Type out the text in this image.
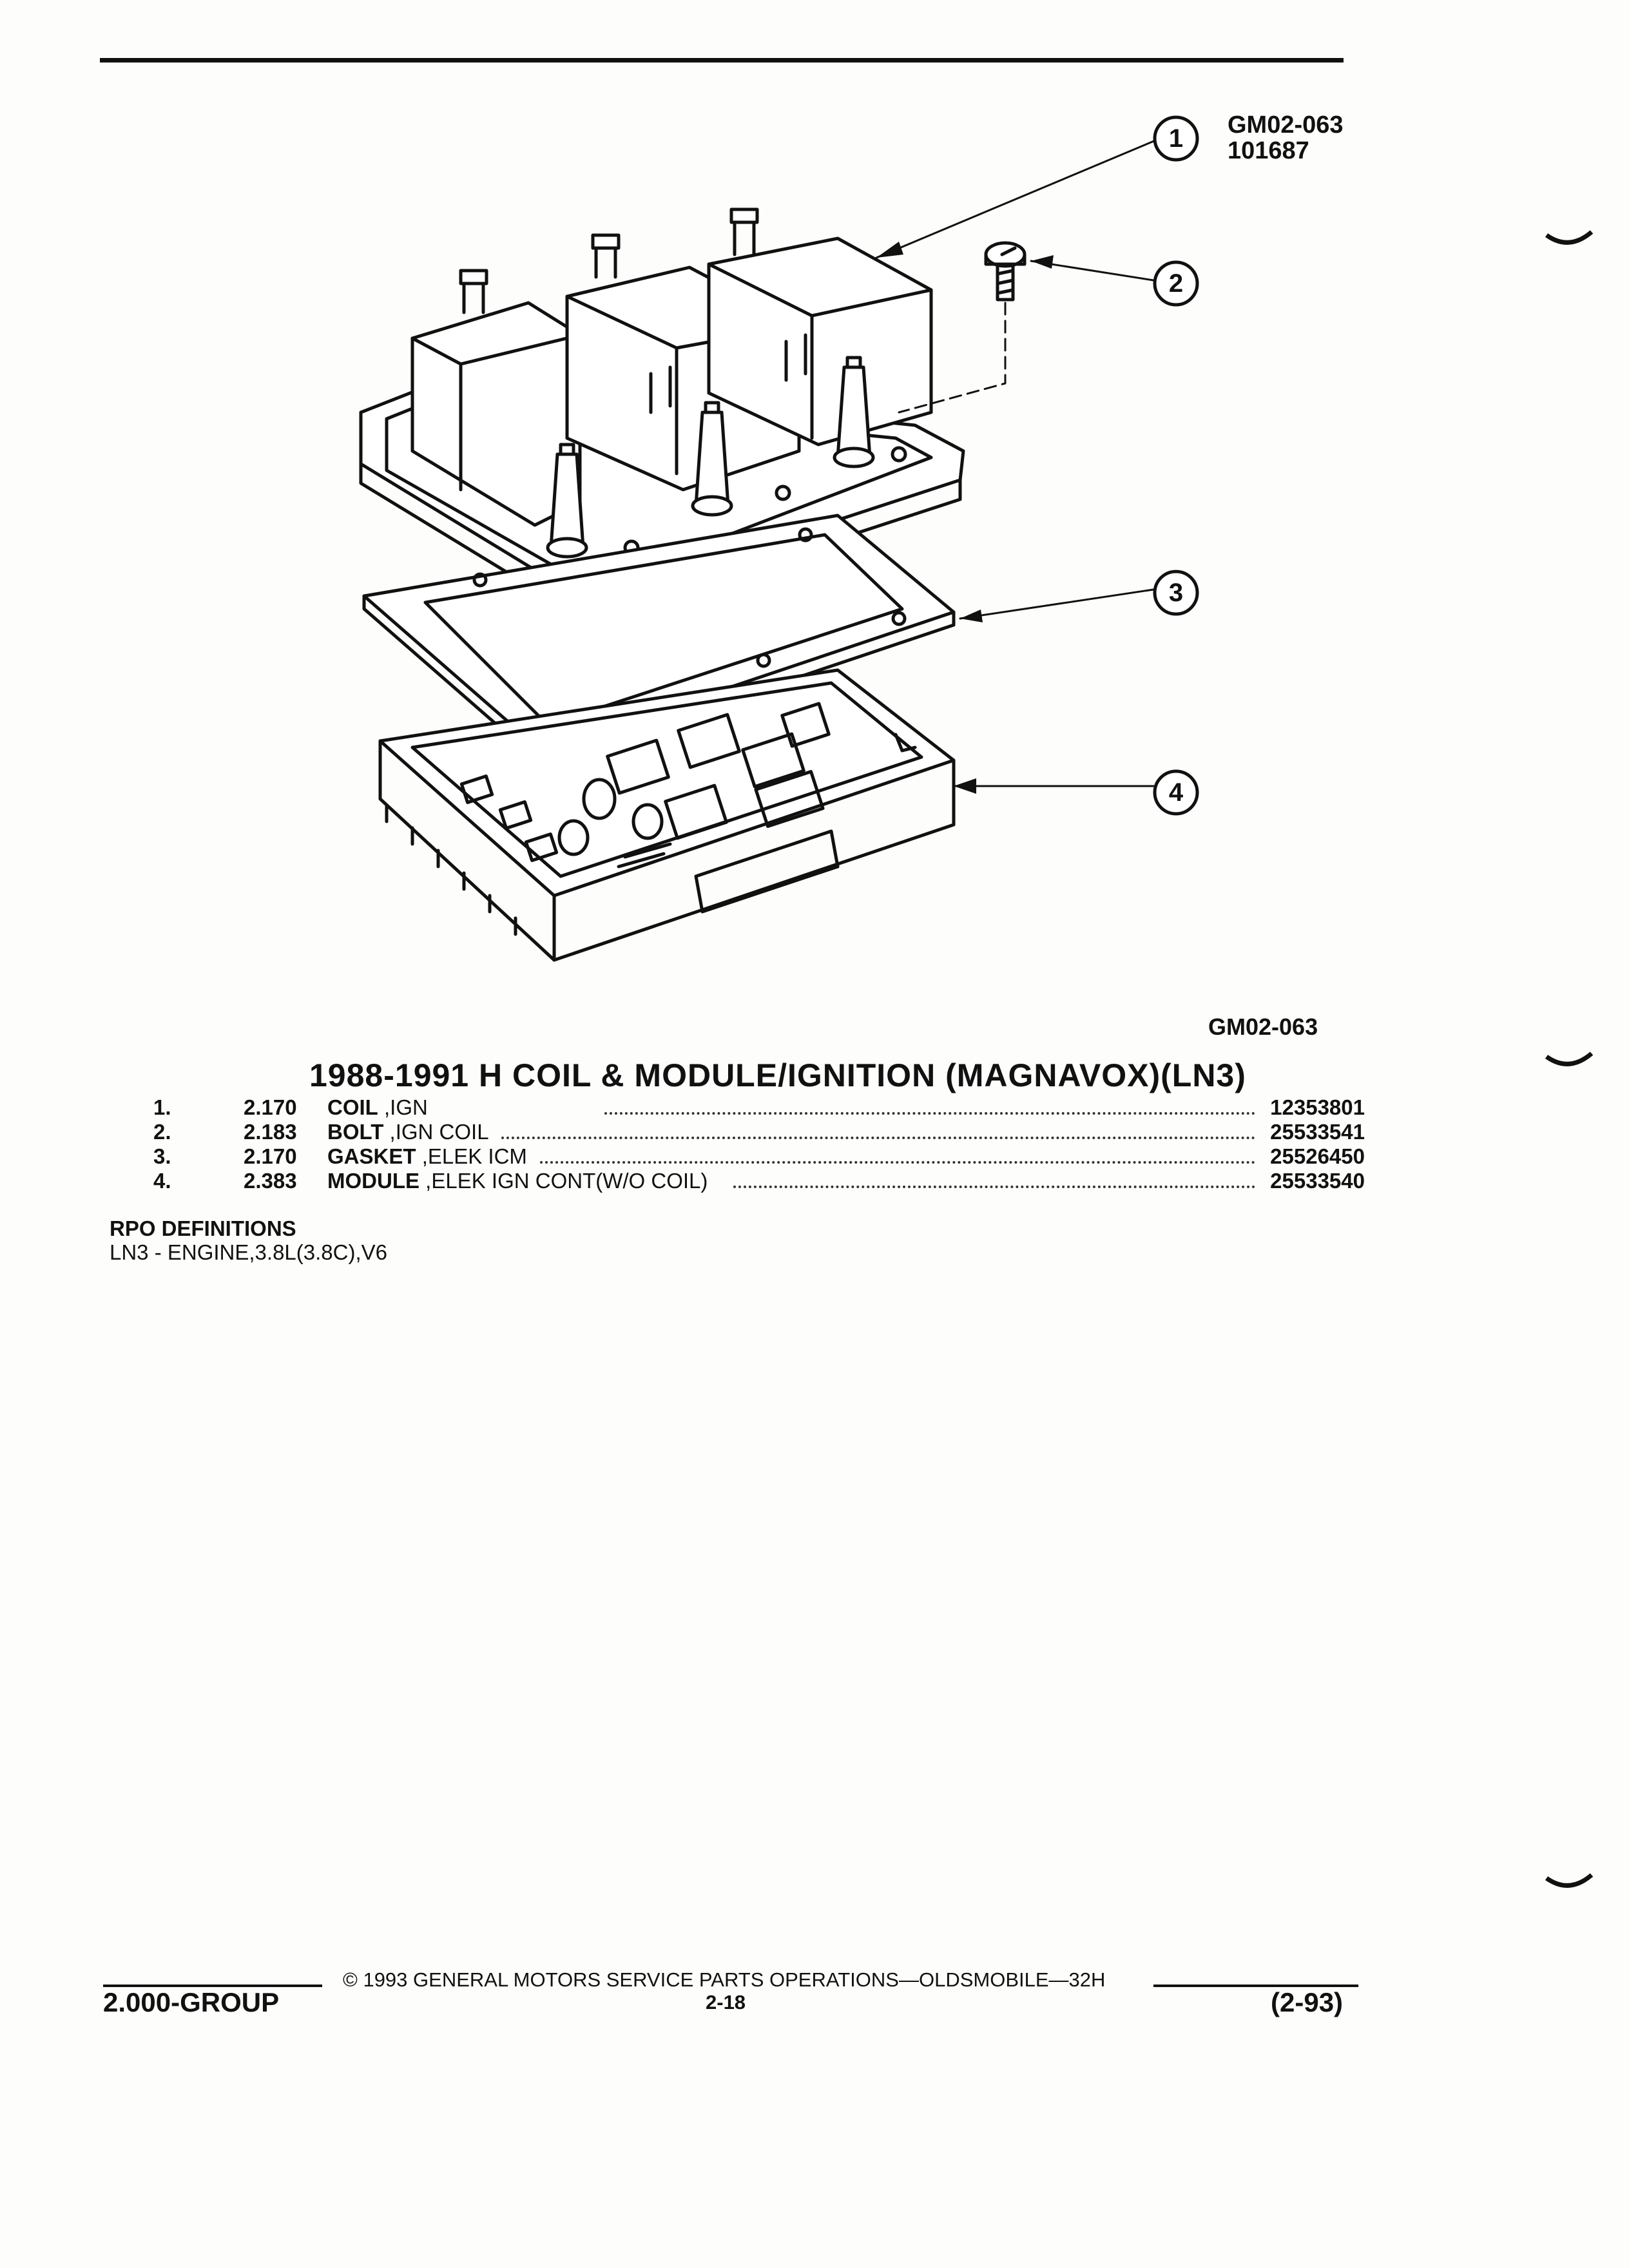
GM02-063
101687
1
2
3
4
GM02-063
1988-1991 H COIL & MODULE/IGNITION (MAGNAVOX)(LN3)
1.	2.170 COIL ,IGN	12353801
2.	2.183 BOLT ,IGN COIL	25533541
3.	2.170 GASKET ,ELEK ICM	25526450
4.	2.383 MODULE ,ELEK IGN CONT(W/O COIL)	25533540
RPO DEFINITIONS
LN3 - ENGINE,3.8L(3.8C),V6
© 1993 GENERAL MOTORS SERVICE PARTS OPERATIONS—OLDSMOBILE—32H
2.000-GROUP	2-18	(2-93)
